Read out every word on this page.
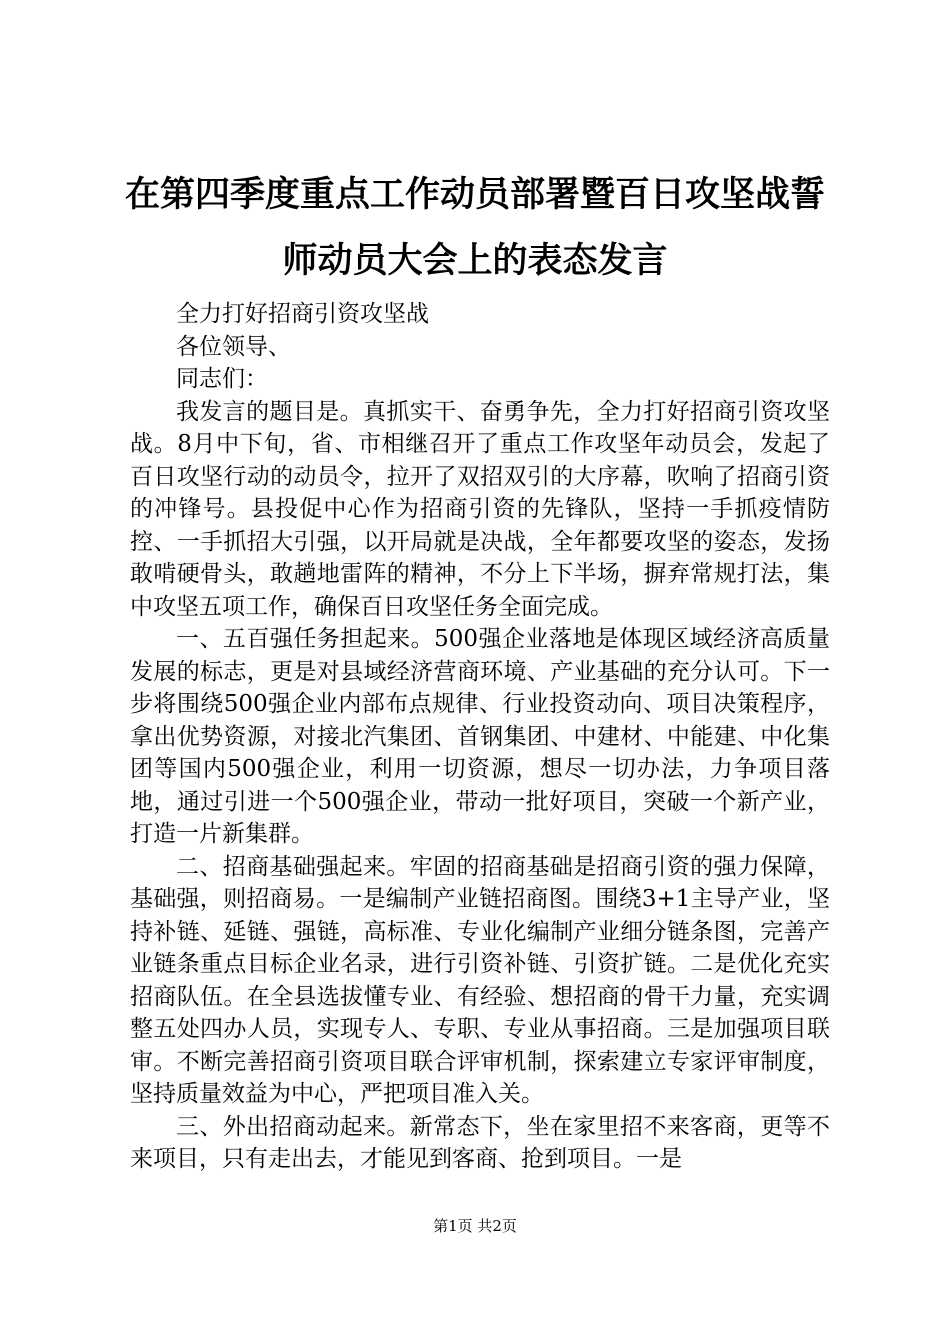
在第四季度重点工作动员部署暨百日攻坚战誓师动员大会上的表态发言

全力打好招商引资攻坚战

各位领导、

同志们：

我发言的题目是。真抓实干、奋勇争先，全力打好招商引资攻坚战。8月中下旬，省、市相继召开了重点工作攻坚年动员会，发起了百日攻坚行动的动员令，拉开了双招双引的大序幕，吹响了招商引资的冲锋号。县投促中心作为招商引资的先锋队，坚持一手抓疫情防控、一手抓招大引强，以开局就是决战，全年都要攻坚的姿态，发扬敢啃硬骨头，敢趟地雷阵的精神，不分上下半场，摒弃常规打法，集中攻坚五项工作，确保百日攻坚任务全面完成。

一、五百强任务担起来。500强企业落地是体现区域经济高质量发展的标志，更是对县域经济营商环境、产业基础的充分认可。下一步将围绕500强企业内部布点规律、行业投资动向、项目决策程序，拿出优势资源，对接北汽集团、首钢集团、中建材、中能建、中化集团等国内500强企业，利用一切资源，想尽一切办法，力争项目落地，通过引进一个500强企业，带动一批好项目，突破一个新产业，打造一片新集群。

二、招商基础强起来。牢固的招商基础是招商引资的强力保障，基础强，则招商易。一是编制产业链招商图。围绕3+1主导产业，坚持补链、延链、强链，高标准、专业化编制产业细分链条图，完善产业链条重点目标企业名录，进行引资补链、引资扩链。二是优化充实招商队伍。在全县选拔懂专业、有经验、想招商的骨干力量，充实调整五处四办人员，实现专人、专职、专业从事招商。三是加强项目联审。不断完善招商引资项目联合评审机制，探索建立专家评审制度，坚持质量效益为中心，严把项目准入关。

三、外出招商动起来。新常态下，坐在家里招不来客商，更等不来项目，只有走出去，才能见到客商、抢到项目。一是

第1页 共2页
